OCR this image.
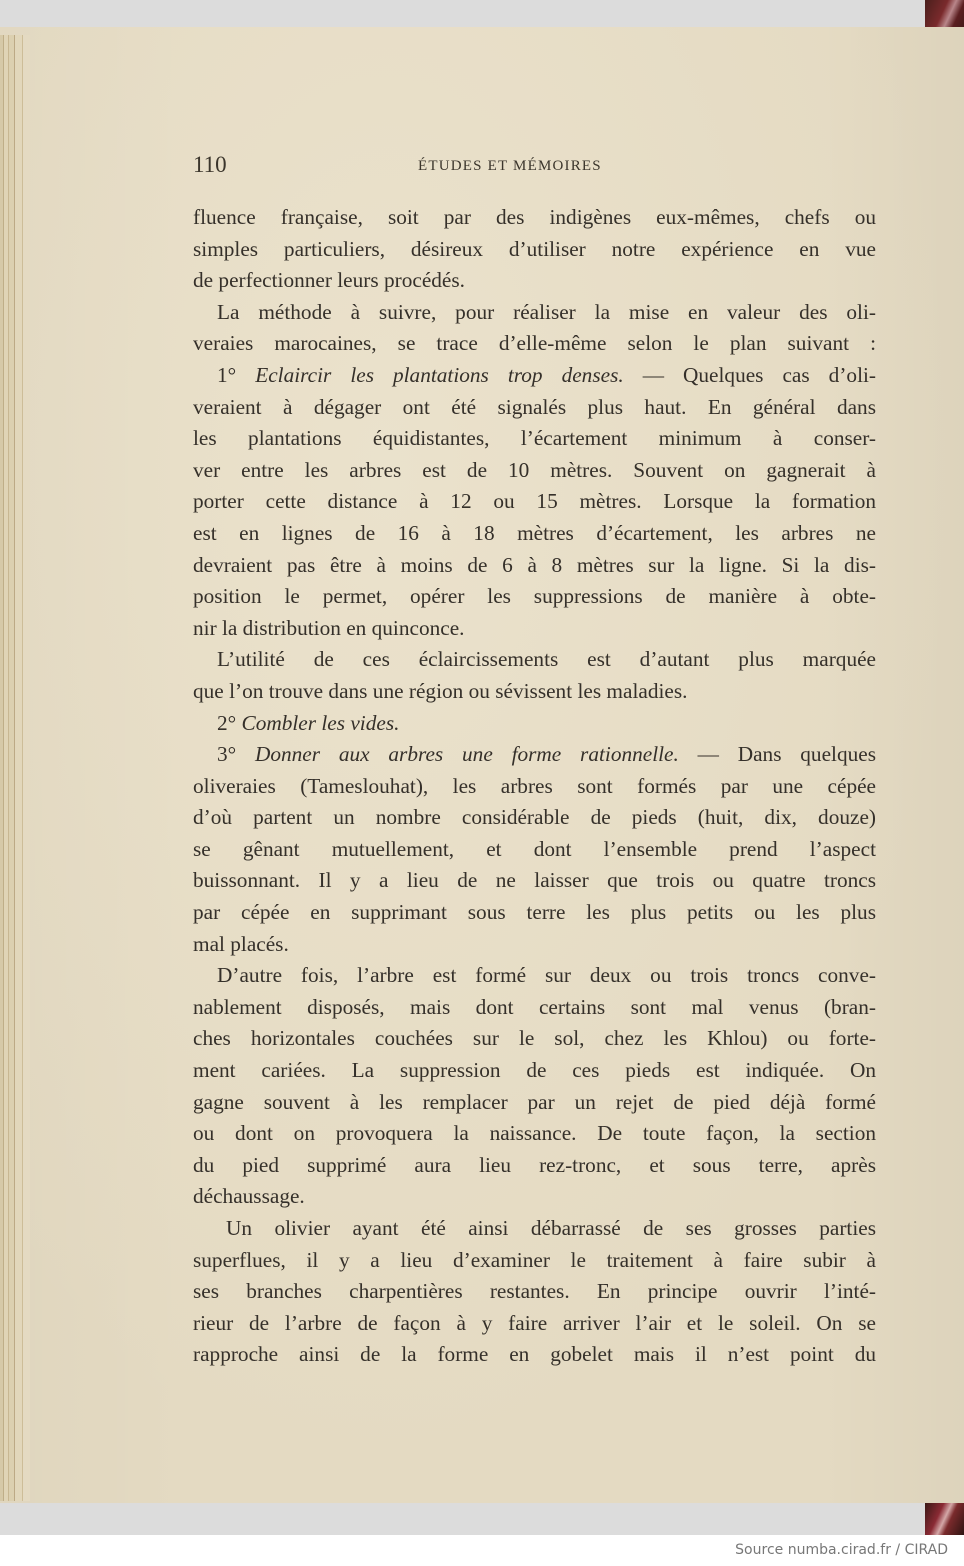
110	ÉTUDES ET MÉMOIRES
fluence française, soit par des indigènes eux-mêmes, chefs ou
simples particuliers, désireux d’utiliser notre expérience en vue
de perfectionner leurs procédés.
La méthode à suivre, pour réaliser la mise en valeur des oli-
veraies marocaines, se trace d’elle-même selon le plan suivant :
1° Eclaircir les plantations trop denses. — Quelques cas d’oli-
veraient à dégager ont été signalés plus haut. En général dans
les plantations équidistantes, l’écartement minimum à conser-
ver entre les arbres est de 10 mètres. Souvent on gagnerait à
porter cette distance à 12 ou 15 mètres. Lorsque la formation
est en lignes de 16 à 18 mètres d’écartement, les arbres ne
devraient pas être à moins de 6 à 8 mètres sur la ligne. Si la dis-
position le permet, opérer les suppressions de manière à obte-
nir la distribution en quinconce.
L’utilité de ces éclaircissements est d’autant plus marquée
que l’on trouve dans une région ou sévissent les maladies.
2° Combler les vides.
3° Donner aux arbres une forme rationnelle. — Dans quelques
oliveraies (Tameslouhat), les arbres sont formés par une cépée
d’où partent un nombre considérable de pieds (huit, dix, douze)
se gênant mutuellement, et dont l’ensemble prend l’aspect
buissonnant. Il y a lieu de ne laisser que trois ou quatre troncs
par cépée en supprimant sous terre les plus petits ou les plus
mal placés.
D’autre fois, l’arbre est formé sur deux ou trois troncs conve-
nablement disposés, mais dont certains sont mal venus (bran-
ches horizontales couchées sur le sol, chez les Khlou) ou forte-
ment cariées. La suppression de ces pieds est indiquée. On
gagne souvent à les remplacer par un rejet de pied déjà formé
ou dont on provoquera la naissance. De toute façon, la section
du pied supprimé aura lieu rez-tronc, et sous terre, après
déchaussage.
Un olivier ayant été ainsi débarrassé de ses grosses parties
superflues, il y a lieu d’examiner le traitement à faire subir à
ses branches charpentières restantes. En principe ouvrir l’inté-
rieur de l’arbre de façon à y faire arriver l’air et le soleil. On se
rapproche ainsi de la forme en gobelet mais il n’est point du
Source numba.cirad.fr / CIRAD
